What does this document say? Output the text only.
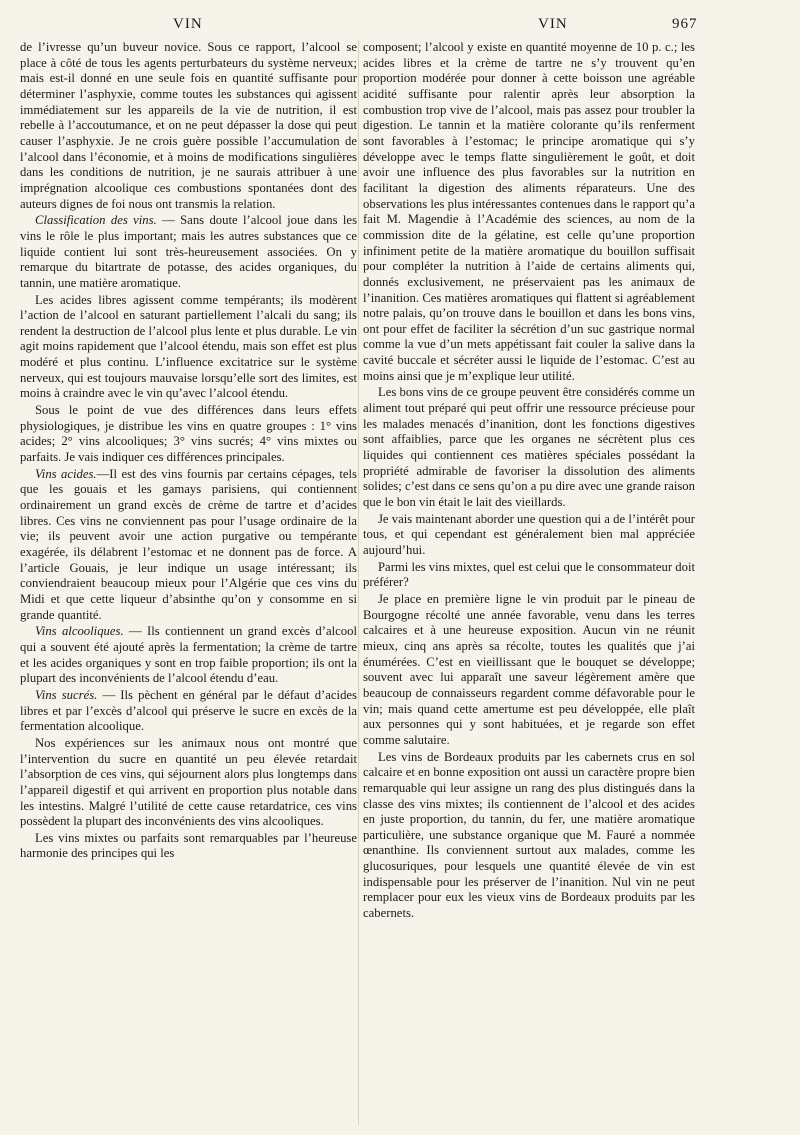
VIN	VIN	967

de l’ivresse qu’un buveur novice. Sous ce rapport, l’alcool se place à côté de tous les agents perturbateurs du système nerveux; mais est-il donné en une seule fois en quantité suffisante pour déterminer l’asphyxie, comme toutes les substances qui agissent immédiatement sur les appareils de la vie de nutrition, il est rebelle à l’accoutumance, et on ne peut dépasser la dose qui peut causer l’asphyxie. Je ne crois guère possible l’accumulation de l’alcool dans l’économie, et à moins de modifications singulières dans les conditions de nutrition, je ne saurais attribuer à une imprégnation alcoolique ces combustions spontanées dont des auteurs dignes de foi nous ont transmis la relation.

Classification des vins. — Sans doute l’alcool joue dans les vins le rôle le plus important; mais les autres substances que ce liquide contient lui sont très-heureusement associées. On y remarque du bitartrate de potasse, des acides organiques, du tannin, une matière aromatique.

Les acides libres agissent comme tempérants; ils modèrent l’action de l’alcool en saturant partiellement l’alcali du sang; ils rendent la destruction de l’alcool plus lente et plus durable. Le vin agit moins rapidement que l’alcool étendu, mais son effet est plus modéré et plus continu. L’influence excitatrice sur le système nerveux, qui est toujours mauvaise lorsqu’elle sort des limites, est moins à craindre avec le vin qu’avec l’alcool étendu.

Sous le point de vue des différences dans leurs effets physiologiques, je distribue les vins en quatre groupes : 1° vins acides; 2° vins alcooliques; 3° vins sucrés; 4° vins mixtes ou parfaits. Je vais indiquer ces différences principales.

Vins acides.—Il est des vins fournis par certains cépages, tels que les gouais et les gamays parisiens, qui contiennent ordinairement un grand excès de crème de tartre et d’acides libres. Ces vins ne conviennent pas pour l’usage ordinaire de la vie; ils peuvent avoir une action purgative ou tempérante exagérée, ils délabrent l’estomac et ne donnent pas de force. A l’article Gouais, je leur indique un usage intéressant; ils conviendraient beaucoup mieux pour l’Algérie que ces vins du Midi et que cette liqueur d’absinthe qu’on y consomme en si grande quantité.

Vins alcooliques. — Ils contiennent un grand excès d’alcool qui a souvent été ajouté après la fermentation; la crème de tartre et les acides organiques y sont en trop faible proportion; ils ont la plupart des inconvénients de l’alcool étendu d’eau.

Vins sucrés. — Ils pèchent en général par le défaut d’acides libres et par l’excès d’alcool qui préserve le sucre en excès de la fermentation alcoolique.

Nos expériences sur les animaux nous ont montré que l’intervention du sucre en quantité un peu élevée retardait l’absorption de ces vins, qui séjournent alors plus longtemps dans l’appareil digestif et qui arrivent en proportion plus notable dans les intestins. Malgré l’utilité de cette cause retardatrice, ces vins possèdent la plupart des inconvénients des vins alcooliques.

Les vins mixtes ou parfaits sont remarquables par l’heureuse harmonie des principes qui les

composent; l’alcool y existe en quantité moyenne de 10 p. c.; les acides libres et la crème de tartre ne s’y trouvent qu’en proportion modérée pour donner à cette boisson une agréable acidité suffisante pour ralentir après leur absorption la combustion trop vive de l’alcool, mais pas assez pour troubler la digestion. Le tannin et la matière colorante qu’ils renferment sont favorables à l’estomac; le principe aromatique qui s’y développe avec le temps flatte singulièrement le goût, et doit avoir une influence des plus favorables sur la nutrition en facilitant la digestion des aliments réparateurs. Une des observations les plus intéressantes contenues dans le rapport qu’a fait M. Magendie à l’Académie des sciences, au nom de la commission dite de la gélatine, est celle qu’une proportion infiniment petite de la matière aromatique du bouillon suffisait pour compléter la nutrition à l’aide de certains aliments qui, donnés exclusivement, ne préservaient pas les animaux de l’inanition. Ces matières aromatiques qui flattent si agréablement notre palais, qu’on trouve dans le bouillon et dans les bons vins, ont pour effet de faciliter la sécrétion d’un suc gastrique normal comme la vue d’un mets appétissant fait couler la salive dans la cavité buccale et sécréter aussi le liquide de l’estomac. C’est au moins ainsi que je m’explique leur utilité.

Les bons vins de ce groupe peuvent être considérés comme un aliment tout préparé qui peut offrir une ressource précieuse pour les malades menacés d’inanition, dont les fonctions digestives sont affaiblies, parce que les organes ne sécrètent plus ces liquides qui contiennent ces matières spéciales possédant la propriété admirable de favoriser la dissolution des aliments solides; c’est dans ce sens qu’on a pu dire avec une grande raison que le bon vin était le lait des vieillards.

Je vais maintenant aborder une question qui a de l’intérêt pour tous, et qui cependant est généralement bien mal appréciée aujourd’hui.

Parmi les vins mixtes, quel est celui que le consommateur doit préférer?

Je place en première ligne le vin produit par le pineau de Bourgogne récolté une année favorable, venu dans les terres calcaires et à une heureuse exposition. Aucun vin ne réunit mieux, cinq ans après sa récolte, toutes les qualités que j’ai énumérées. C’est en vieillissant que le bouquet se développe; souvent avec lui apparaît une saveur légèrement amère que beaucoup de connaisseurs regardent comme défavorable pour le vin; mais quand cette amertume est peu développée, elle plaît aux personnes qui y sont habituées, et je regarde son effet comme salutaire.

Les vins de Bordeaux produits par les cabernets crus en sol calcaire et en bonne exposition ont aussi un caractère propre bien remarquable qui leur assigne un rang des plus distingués dans la classe des vins mixtes; ils contiennent de l’alcool et des acides en juste proportion, du tannin, du fer, une matière aromatique particulière, une substance organique que M. Fauré a nommée œnanthine. Ils conviennent surtout aux malades, comme les glucosuriques, pour lesquels une quantité élevée de vin est indispensable pour les préserver de l’inanition. Nul vin ne peut remplacer pour eux les vieux vins de Bordeaux produits par les cabernets.
